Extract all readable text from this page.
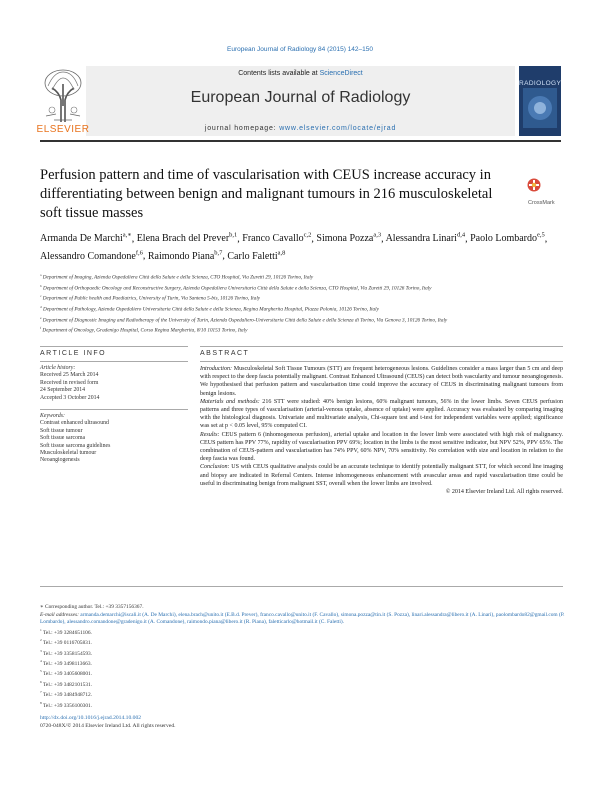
European Journal of Radiology 84 (2015) 142–150
Contents lists available at ScienceDirect
European Journal of Radiology
journal homepage: www.elsevier.com/locate/ejrad
ELSEVIER
RADIOLOGY
Perfusion pattern and time of vascularisation with CEUS increase accuracy in differentiating between benign and malignant tumours in 216 musculoskeletal soft tissue masses
CrossMark
Armanda De Marchi$^{a,∗}$, Elena Brach del Prever$^{b,1}$, Franco Cavallo$^{c,2}$, Simona Pozza$^{a,3}$, Alessandra Linari$^{d,4}$, Paolo Lombardo$^{e,5}$, Alessandro Comandone$^{f,6}$, Raimondo Piana$^{b,7}$, Carlo Faletti$^{a,8}$
$^a$ Department of Imaging, Azienda Ospedaliera Città della Salute e della Scienza, CTO Hospital, Via Zuretti 29, 10126 Torino, Italy
$^b$ Department of Orthopaedic Oncology and Reconstructive Surgery, Azienda Ospedaliera Universitaria Città della Salute e della Scienza, CTO Hospital, Via Zuretti 29, 10126 Torino, Italy
$^c$ Department of Public health and Paediatrics, University of Turin, Via Santena 5-bis, 10126 Torino, Italy
$^d$ Department of Pathology, Azienda Ospedaliero Universitaria Città della Salute e della Scienza, Regina Margherita Hospital, Piazza Polonia, 10126 Torino, Italy
$^e$ Department of Diagnostic Imaging and Radiotherapy of the University of Turin, Azienda Ospedaliero-Universitaria Città della Salute e della Scienza di Torino, Via Genova 3, 10126 Torino, Italy
$^f$ Department of Oncology, Gradenigo Hospital, Corso Regina Margherita, 8/10 10153 Torino, Italy
ARTICLE INFO
Article history:
Received 25 March 2014
Received in revised form
24 September 2014
Accepted 3 October 2014
Keywords:
Contrast enhanced ultrasound
Soft tissue tumour
Soft tissue sarcoma
Soft tissue sarcoma guidelines
Musculoskeletal tumour
Neoangiogenesis
ABSTRACT

Introduction: Musculoskeletal Soft Tissue Tumours (STT) are frequent heterogeneous lesions. Guidelines consider a mass larger than 5 cm and deep with respect to the deep fascia potentially malignant. Contrast Enhanced Ultrasound (CEUS) can detect both vascularity and tumour neoangiogenesis. We hypothesised that perfusion pattern and vascularisation time could improve the accuracy of CEUS in discriminating malignant tumours from benign lesions.

Materials and methods: 216 STT were studied: 40% benign lesions, 60% malignant tumours, 56% in the lower limbs. Seven CEUS perfusion patterns and three types of vascularisation (arterial-venous uptake, absence of uptake) were applied. Accuracy was evaluated by comparing imaging with the histological diagnosis. Univariate and multivariate analysis, Chi-square test and t-test for independent variables were applied; significance was set at p < 0.05 level, 95% computed CI.

Results: CEUS pattern 6 (inhomogeneous perfusion), arterial uptake and location in the lower limb were associated with high risk of malignancy. CEUS pattern has PPV 77%, rapidity of vascularisation PPV 69%; location in the limbs is the most sensitive indicator, but NPV 52%, PPV 65%. The combination of CEUS-pattern and vascularisation has 74% PPV, 60% NPV, 70% sensitivity. No correlation with size and location in relation to the deep fascia was found.

Conclusion: US with CEUS qualitative analysis could be an accurate technique to identify potentially malignant STT, for which second line imaging and biopsy are indicated in Referral Centers. Intense inhomogeneous enhancement with avascular areas and rapid vascularisation time could be useful in discriminating benign from malignant SST, overall when the lower limbs are involved.

© 2014 Elsevier Ireland Ltd. All rights reserved.

∗ Corresponding author. Tel.: +39 3357156367.
E-mail addresses: armanda.demarchi@iscali.it (A. De Marchi), elena.brach@unito.it (E.B.d. Prever), franco.cavallo@unito.it (F. Cavallo), simona.pozza@tin.it (S. Pozza), linari.alessandra@libero.it (A. Linari), paolombardo82@gmail.com (P. Lombardo), alessandro.comandone@gradenigo.it (A. Comandone), raimondo.piana@libero.it (R. Piana), faletticarlo@hotmail.it (C. Faletti).
$^1$ Tel.: +39 3284651106.
$^2$ Tel.: +39 0116705831.
$^3$ Tel.: +39 3358154593.
$^4$ Tel.: +39 3498113663.
$^5$ Tel.: +39 3405608001.
$^6$ Tel.: +39 3482101531.
$^7$ Tel.: +39 3484948712.
$^8$ Tel.: +39 3356100301.
http://dx.doi.org/10.1016/j.ejrad.2014.10.002
0720-048X/© 2014 Elsevier Ireland Ltd. All rights reserved.
